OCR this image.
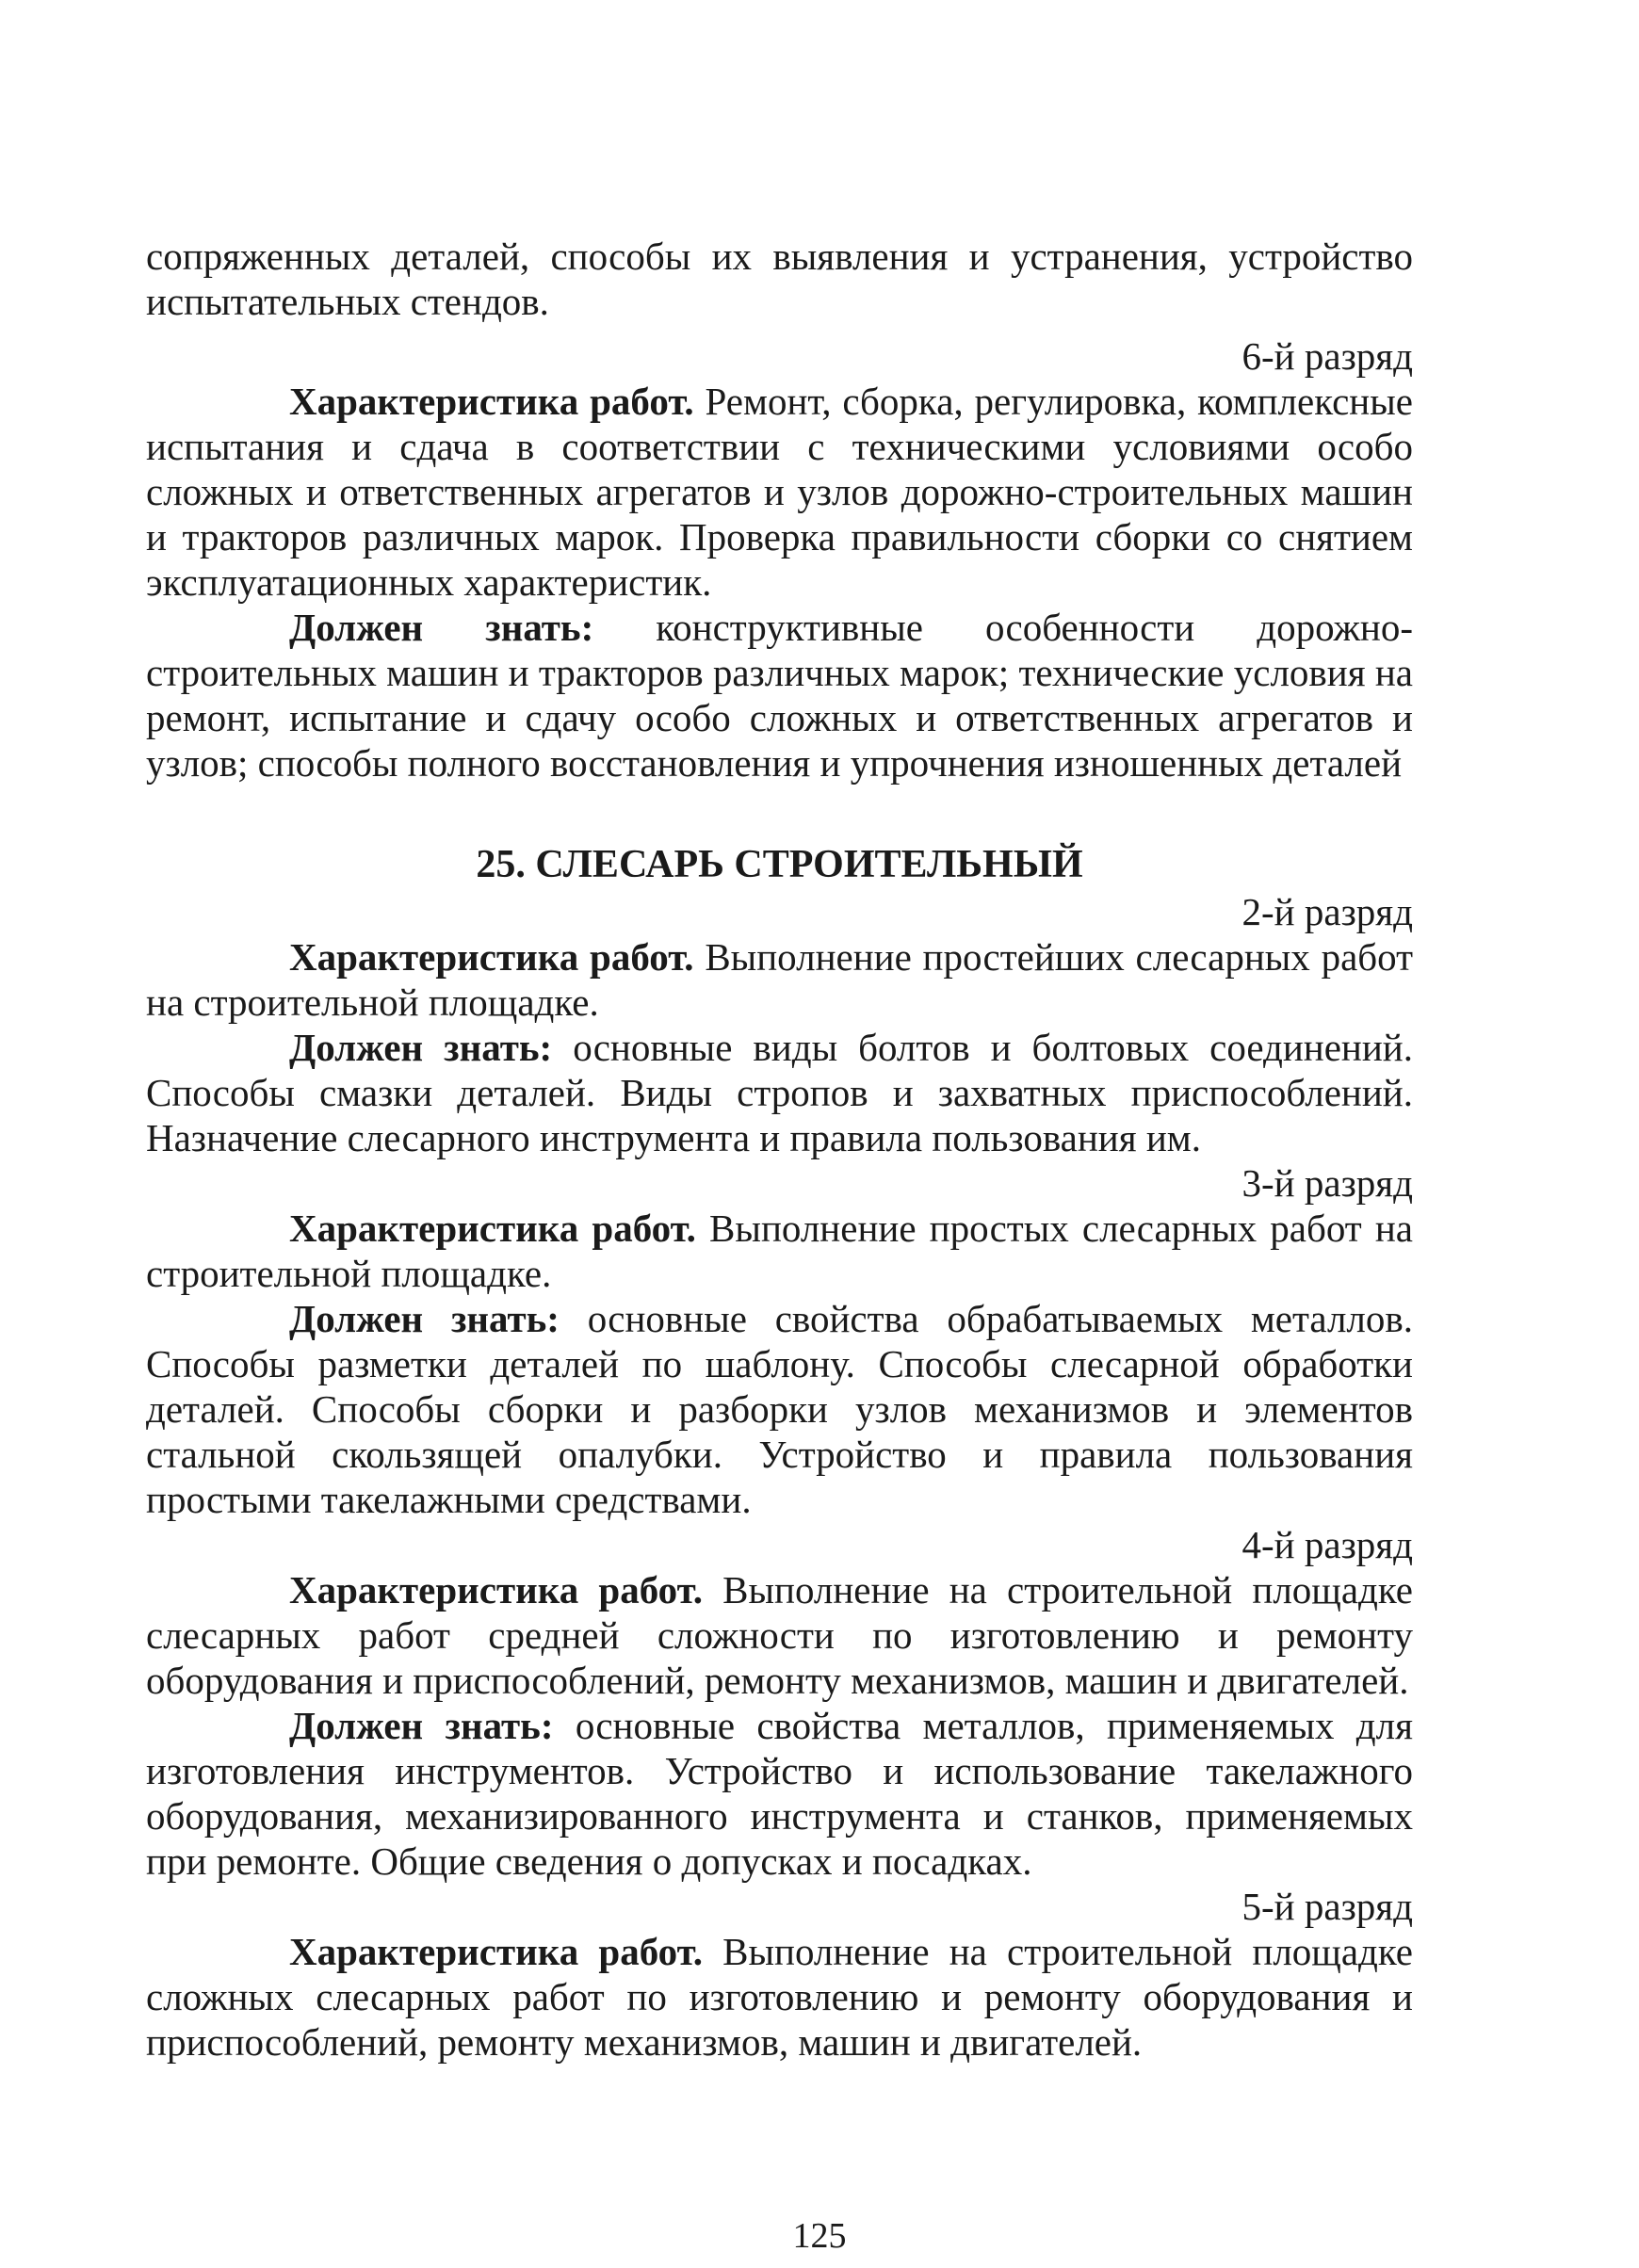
сопряженных деталей, способы их выявления и устранения, устройство испытательных стендов.

6-й разряд

Характеристика работ. Ремонт, сборка, регулировка, комплексные испытания и сдача в соответствии с техническими условиями особо сложных и ответственных агрегатов и узлов дорожно-строительных машин и тракторов различных марок. Проверка правильности сборки со снятием эксплуатационных характеристик.

Должен знать: конструктивные особенности дорожно-строительных машин и тракторов различных марок; технические условия на ремонт, испытание и сдачу особо сложных и ответственных агрегатов и узлов; способы полного восстановления и упрочнения изношенных деталей

25. СЛЕСАРЬ СТРОИТЕЛЬНЫЙ

2-й разряд

Характеристика работ. Выполнение простейших слесарных работ на строительной площадке.

Должен знать: основные виды болтов и болтовых соединений. Способы смазки деталей. Виды стропов и захватных приспособлений. Назначение слесарного инструмента и правила пользования им.

3-й разряд

Характеристика работ. Выполнение простых слесарных работ на строительной площадке.

Должен знать: основные свойства обрабатываемых металлов. Способы разметки деталей по шаблону. Способы слесарной обработки деталей. Способы сборки и разборки узлов механизмов и элементов стальной скользящей опалубки. Устройство и правила пользования простыми такелажными средствами.

4-й разряд

Характеристика работ. Выполнение на строительной площадке слесарных работ средней сложности по изготовлению и ремонту оборудования и приспособлений, ремонту механизмов, машин и двигателей.

Должен знать: основные свойства металлов, применяемых для изготовления инструментов. Устройство и использование такелажного оборудования, механизированного инструмента и станков, применяемых при ремонте. Общие сведения о допусках и посадках.

5-й разряд

Характеристика работ. Выполнение на строительной площадке сложных слесарных работ по изготовлению и ремонту оборудования и приспособлений, ремонту механизмов, машин и двигателей.

125
